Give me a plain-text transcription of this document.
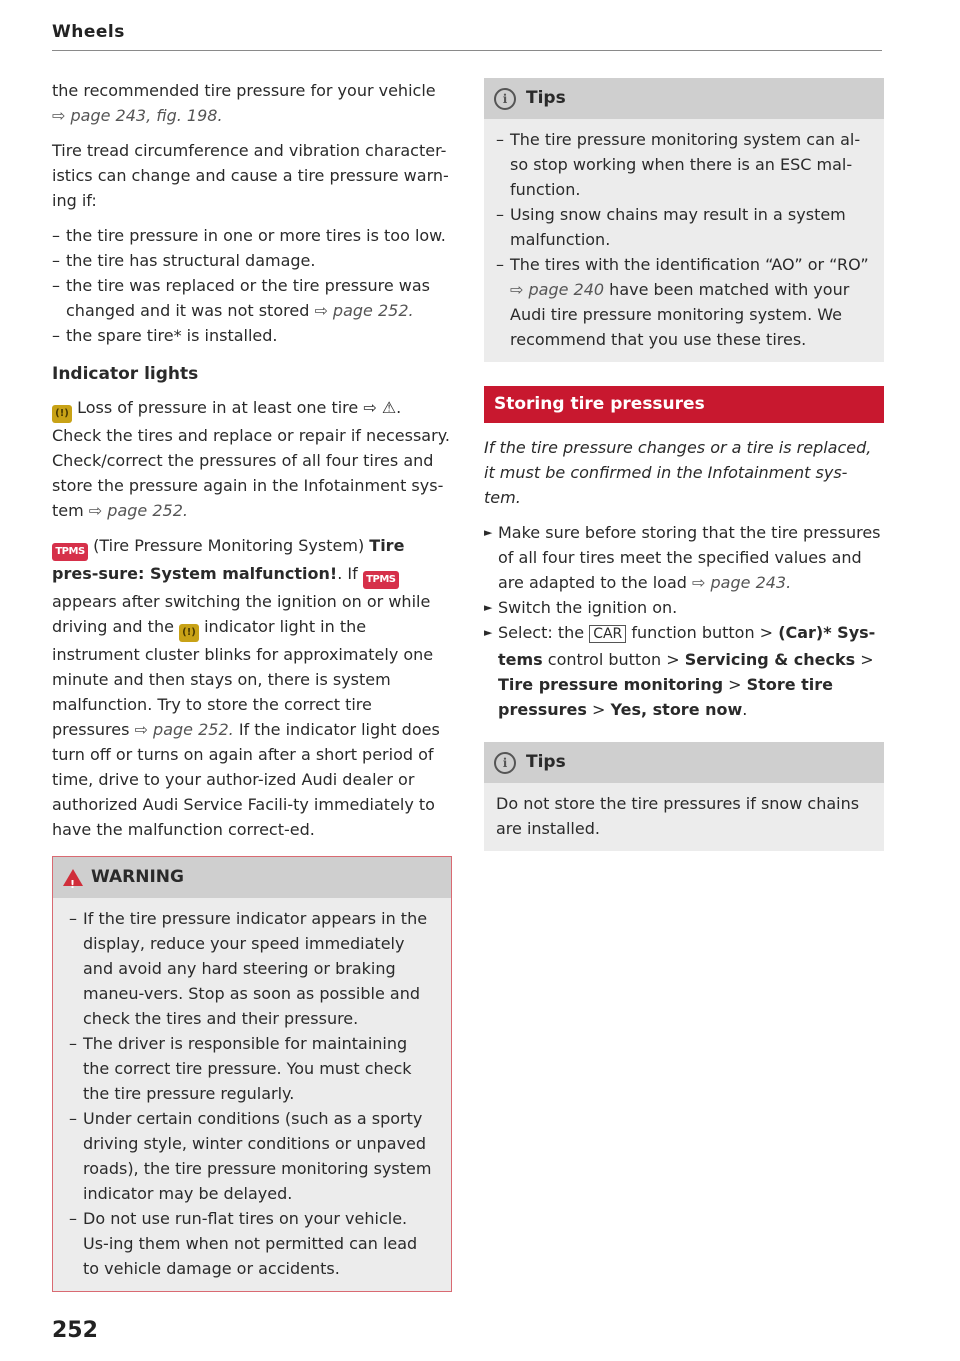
Wheels

the recommended tire pressure for your vehicle
⇨ page 243, fig. 198.

Tire tread circumference and vibration character-istics can change and cause a tire pressure warn-ing if:

– the tire pressure in one or more tires is too low.
– the tire has structural damage.
– the tire was replaced or the tire pressure was changed and it was not stored ⇨ page 252.
– the spare tire* is installed.
Indicator lights

(!) Loss of pressure in at least one tire ⇨ ⚠. Check the tires and replace or repair if necessary. Check/correct the pressures of all four tires and store the pressure again in the Infotainment sys-tem ⇨ page 252.

TPMS (Tire Pressure Monitoring System) Tire pres-sure: System malfunction!. If TPMS appears after switching the ignition on or while driving and the (!) indicator light in the instrument cluster blinks for approximately one minute and then stays on, there is system malfunction. Try to store the correct tire pressures ⇨ page 252. If the indicator light does turn off or turns on again after a short period of time, drive to your author-ized Audi dealer or authorized Audi Service Facili-ty immediately to have the malfunction correct-ed.

!
WARNING
– If the tire pressure indicator appears in the display, reduce your speed immediately and avoid any hard steering or braking maneu-vers. Stop as soon as possible and check the tires and their pressure.
– The driver is responsible for maintaining the correct tire pressure. You must check the tire pressure regularly.
– Under certain conditions (such as a sporty driving style, winter conditions or unpaved roads), the tire pressure monitoring system indicator may be delayed.
– Do not use run-flat tires on your vehicle. Us-ing them when not permitted can lead to vehicle damage or accidents.
i	Tips
– The tire pressure monitoring system can al-so stop working when there is an ESC mal-function.
– Using snow chains may result in a system malfunction.
– The tires with the identification “AO” or “RO” ⇨ page 240 have been matched with your Audi tire pressure monitoring system. We recommend that you use these tires.
Storing tire pressures

If the tire pressure changes or a tire is replaced, it must be confirmed in the Infotainment sys-tem.

► Make sure before storing that the tire pressures of all four tires meet the specified values and are adapted to the load ⇨ page 243.
► Switch the ignition on.
► Select: the CAR function button > (Car)* Sys-tems control button > Servicing & checks > Tire pressure monitoring > Store tire pressures > Yes, store now.
i	Tips
Do not store the tire pressures if snow chains are installed.
252
